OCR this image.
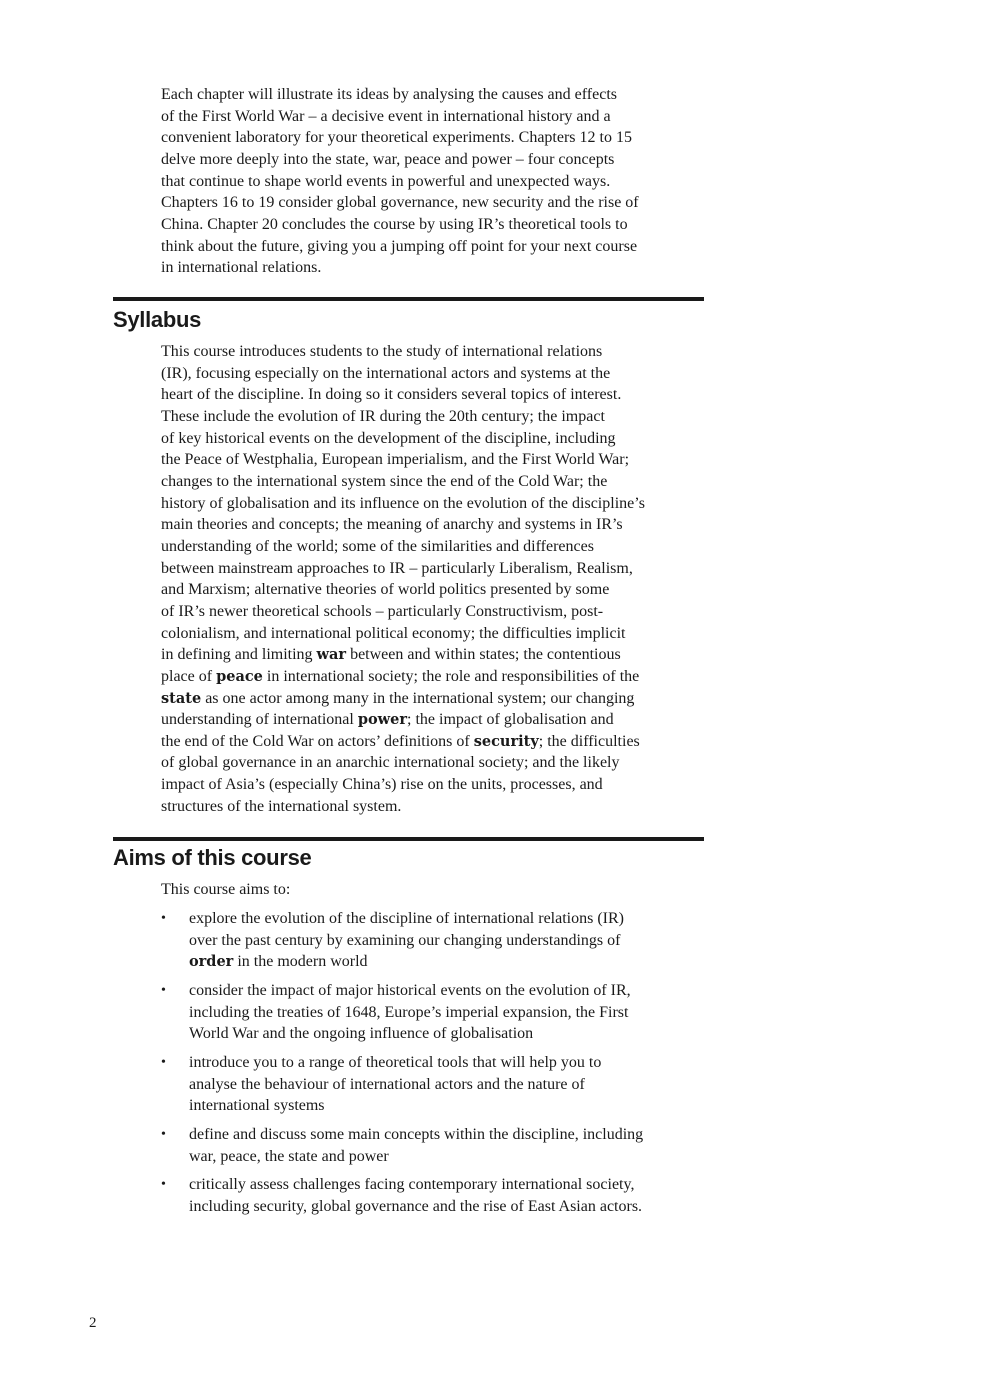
Each chapter will illustrate its ideas by analysing the causes and effects
of the First World War – a decisive event in international history and a
convenient laboratory for your theoretical experiments. Chapters 12 to 15
delve more deeply into the state, war, peace and power – four concepts
that continue to shape world events in powerful and unexpected ways.
Chapters 16 to 19 consider global governance, new security and the rise of
China. Chapter 20 concludes the course by using IR’s theoretical tools to
think about the future, giving you a jumping off point for your next course
in international relations.
Syllabus
This course introduces students to the study of international relations
(IR), focusing especially on the international actors and systems at the
heart of the discipline. In doing so it considers several topics of interest.
These include the evolution of IR during the 20th century; the impact
of key historical events on the development of the discipline, including
the Peace of Westphalia, European imperialism, and the First World War;
changes to the international system since the end of the Cold War; the
history of globalisation and its influence on the evolution of the discipline’s
main theories and concepts; the meaning of anarchy and systems in IR’s
understanding of the world; some of the similarities and differences
between mainstream approaches to IR – particularly Liberalism, Realism,
and Marxism; alternative theories of world politics presented by some
of IR’s newer theoretical schools – particularly Constructivism, post-
colonialism, and international political economy; the difficulties implicit
in defining and limiting war between and within states; the contentious
place of peace in international society; the role and responsibilities of the
state as one actor among many in the international system; our changing
understanding of international power; the impact of globalisation and
the end of the Cold War on actors’ definitions of security; the difficulties
of global governance in an anarchic international society; and the likely
impact of Asia’s (especially China’s) rise on the units, processes, and
structures of the international system.
Aims of this course
This course aims to:
• explore the evolution of the discipline of international relations (IR)
over the past century by examining our changing understandings of
order in the modern world
• consider the impact of major historical events on the evolution of IR,
including the treaties of 1648, Europe’s imperial expansion, the First
World War and the ongoing influence of globalisation
• introduce you to a range of theoretical tools that will help you to
analyse the behaviour of international actors and the nature of
international systems
• define and discuss some main concepts within the discipline, including
war, peace, the state and power
• critically assess challenges facing contemporary international society,
including security, global governance and the rise of East Asian actors.
2
